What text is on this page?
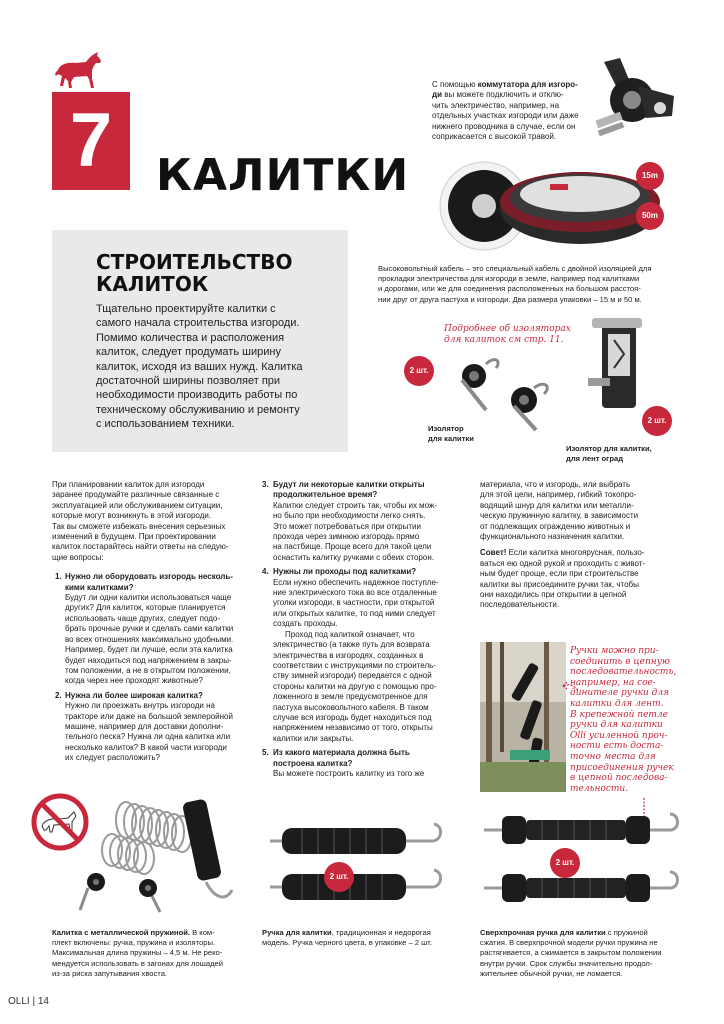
7 КАЛИТКИ
С помощью коммутатора для изгоро-
ди вы можете подключить и отклю-
чить электричество, например, на
отдельных участках изгороди или даже
нижнего проводника в случае, если он
соприкасается с высокой травой.
15m
50m
Высоковольтный кабель – это специальный кабель с двойной изоляцией для
прокладки электричества для изгороди в земле, например под калитками
и дорогами, или же для соединения расположенных на большом расстоя-
нии друг от друга пастуха и изгороди. Два размера упаковки – 15 м и 50 м.
СТРОИТЕЛЬСТВО
КАЛИТОК
Тщательно проектируйте калитки с
самого начала строительства изгороди.
Помимо количества и расположения
калиток, следует продумать ширину
калиток, исходя из ваших нужд. Калитка
достаточной ширины позволяет при
необходимости производить работы по
техническому обслуживанию и ремонту
с использованием техники.
Подробнее об изоляторах
для калиток см стр. 11.
2 шт.
Изолятор
для калитки
2 шт.
Изолятор для калитки,
для лент оград
При планировании калиток для изгороди
заранее продумайте различные связанные с
эксплуатацией или обслуживанием ситуации,
которые могут возникнуть в этой изгороди.
Так вы сможете избежать внесения серьезных
изменений в будущем. При проектировании
калиток постарайтесь найти ответы на следую-
щие вопросы:
1. Нужно ли оборудовать изгородь несколь-
кими калитками?
Будут ли одни калитки использоваться чаще
других? Для калиток, которые планируется
использовать чаще других, следует подо-
брать прочные ручки и сделать сами калитки
во всех отношениях максимально удобными.
Например, будет ли лучше, если эта калитка
будет находиться под напряжением в закры-
том положении, а не в открытом положении,
когда через нее проходят животные?
2. Нужна ли более широкая калитка?
Нужно ли проезжать внутрь изгороди на
тракторе или даже на большой землеройной
машине, например для доставки дополни-
тельного песка? Нужна ли одна калитка или
несколько калиток? В какой части изгороди
их следует расположить?
3. Будут ли некоторые калитки открыты
продолжительное время?
Калитки следует строить так, чтобы их мож-
но было при необходимости легко снять.
Это может потребоваться при открытии
прохода через зимнюю изгородь прямо
на пастбище. Проще всего для такой цели
оснастить калитку ручками с обеих сторон.
4. Нужны ли проходы под калитками?
Если нужно обеспечить надежное поступле-
ние электрического тока во все отдаленные
уголки изгороди, в частности, при открытой
или открытых калитке, то под ними следует
создать проходы.
Проход под калиткой означает, что
электричество (а также путь для возврата
электричества в изгородях, созданных в
соответствии с инструкциями по строитель-
ству зимней изгороди) передается с одной
стороны калитки на другую с помощью про-
ложенного в земле предусмотренное для
пастуха высоковольтного кабеля. В таком
случае вся изгородь будет находиться под
напряжением независимо от того, открыты
калитки или закрыты.
5. Из какого материала должна быть
построена калитка?
Вы можете построить калитку из того же
материала, что и изгородь, или выбрать
для этой цели, например, гибкий токопро-
водящий шнур для калитки или металли-
ческую пружинную калитку, в зависимости
от подлежащих ограждению животных и
функционального назначения калитки.
Совет! Если калитка многоярусная, пользо-
ваться ею одной рукой и проходить с живот-
ным будет проще, если при строительстве
калитки вы присоедините ручки так, чтобы
они находились при открытии в цепной
последовательности.
Ручки можно при-
соединить в цепную
последовательность,
например, на сое-
динителе ручки для
калитки для лент.
В крепежной петле
ручки для калитки
Olli усиленной проч-
ности есть доста-
точно места для
присоединения ручек
в цепной последова-
тельности.
Калитка с металлической пружиной. В ком-
плект включены: ручка, пружина и изоляторы.
Максимальная длина пружины – 4,5 м. Не реко-
мендуется использовать в загонах для лошадей
из-за риска запутывания хвоста.
2 шт.
Ручка для калитки, традиционная и недорогая
модель. Ручка черного цвета, в упаковке – 2 шт.
2 шт.
Сверхпрочная ручка для калитки с пружиной
сжатия. В сверхпрочной модели ручки пружина не
растягивается, а сжимается в закрытом положении
внутри ручки. Срок службы значительно продол-
жительнее обычной ручки, не ломается.
OLLI | 14
